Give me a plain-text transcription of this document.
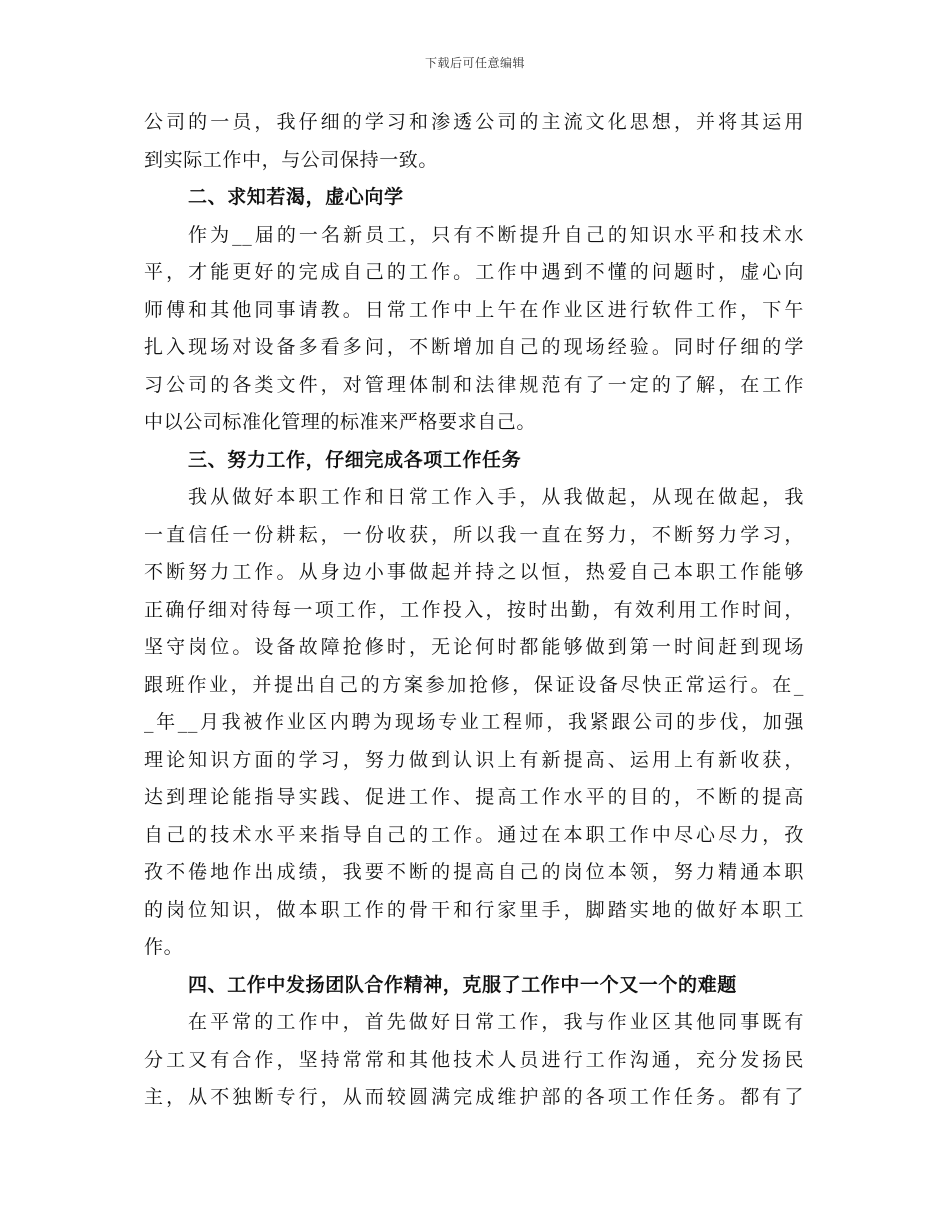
下载后可任意编辑
公司的一员，我仔细的学习和渗透公司的主流文化思想，并将其运用
到实际工作中，与公司保持一致。
二、求知若渴，虚心向学
作为__届的一名新员工，只有不断提升自己的知识水平和技术水
平，才能更好的完成自己的工作。工作中遇到不懂的问题时，虚心向
师傅和其他同事请教。日常工作中上午在作业区进行软件工作，下午
扎入现场对设备多看多问，不断增加自己的现场经验。同时仔细的学
习公司的各类文件，对管理体制和法律规范有了一定的了解，在工作
中以公司标准化管理的标准来严格要求自己。
三、努力工作，仔细完成各项工作任务
我从做好本职工作和日常工作入手，从我做起，从现在做起，我
一直信任一份耕耘，一份收获，所以我一直在努力，不断努力学习，
不断努力工作。从身边小事做起并持之以恒，热爱自己本职工作能够
正确仔细对待每一项工作，工作投入，按时出勤，有效利用工作时间，
坚守岗位。设备故障抢修时，无论何时都能够做到第一时间赶到现场
跟班作业，并提出自己的方案参加抢修，保证设备尽快正常运行。在_
_年__月我被作业区内聘为现场专业工程师，我紧跟公司的步伐，加强
理论知识方面的学习，努力做到认识上有新提高、运用上有新收获，
达到理论能指导实践、促进工作、提高工作水平的目的，不断的提高
自己的技术水平来指导自己的工作。通过在本职工作中尽心尽力，孜
孜不倦地作出成绩，我要不断的提高自己的岗位本领，努力精通本职
的岗位知识，做本职工作的骨干和行家里手，脚踏实地的做好本职工
作。
四、工作中发扬团队合作精神，克服了工作中一个又一个的难题
在平常的工作中，首先做好日常工作，我与作业区其他同事既有
分工又有合作，坚持常常和其他技术人员进行工作沟通，充分发扬民
主，从不独断专行，从而较圆满完成维护部的各项工作任务。都有了
